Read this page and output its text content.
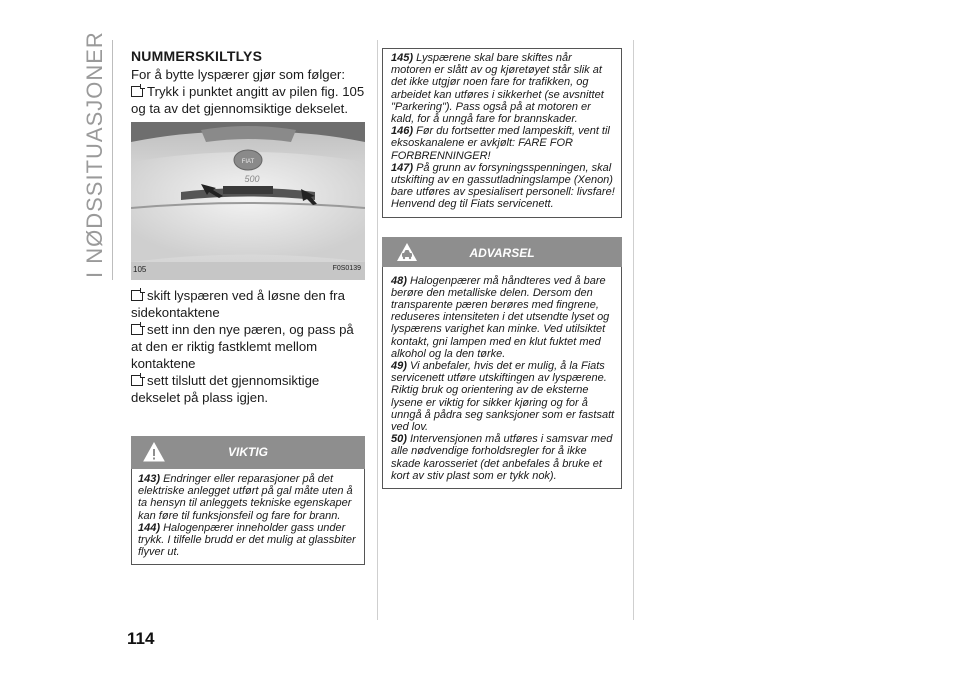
I NØDSSITUASJONER
114
NUMMERSKILTLYS

For å bytte lyspærer gjør som følger:

Trykk i punktet angitt av pilen fig. 105 og ta av det gjennomsiktige dekselet.

FIAT
500
105	F0S0139

skift lyspæren ved å løsne den fra sidekontaktene

sett inn den nye pæren, og pass på at den er riktig fastklemt mellom kontaktene

sett tilslutt det gjennomsiktige dekselet på plass igjen.

VIKTIG

143) Endringer eller reparasjoner på det elektriske anlegget utført på gal måte uten å ta hensyn til anleggets tekniske egenskaper kan føre til funksjonsfeil og fare for brann.

144) Halogenpærer inneholder gass under trykk. I tilfelle brudd er det mulig at glassbiter flyver ut.

145) Lyspærene skal bare skiftes når motoren er slått av og kjøretøyet står slik at det ikke utgjør noen fare for trafikken, og arbeidet kan utføres i sikkerhet (se avsnittet "Parkering"). Pass også på at motoren er kald, for å unngå fare for brannskader.

146) Før du fortsetter med lampeskift, vent til eksoskanalene er avkjølt: FARE FOR FORBRENNINGER!

147) På grunn av forsyningsspenningen, skal utskifting av en gassutladningslampe (Xenon) bare utføres av spesialisert personell: livsfare! Henvend deg til Fiats servicenett.

ADVARSEL

48) Halogenpærer må håndteres ved å bare berøre den metalliske delen. Dersom den transparente pæren berøres med fingrene, reduseres intensiteten i det utsendte lyset og lyspærens varighet kan minke. Ved utilsiktet kontakt, gni lampen med en klut fuktet med alkohol og la den tørke.

49) Vi anbefaler, hvis det er mulig, å la Fiats servicenett utføre utskiftingen av lyspærene. Riktig bruk og orientering av de eksterne lysene er viktig for sikker kjøring og for å unngå å pådra seg sanksjoner som er fastsatt ved lov.

50) Intervensjonen må utføres i samsvar med alle nødvendige forholdsregler for å ikke skade karosseriet (det anbefales å bruke et kort av stiv plast som er tykk nok).
